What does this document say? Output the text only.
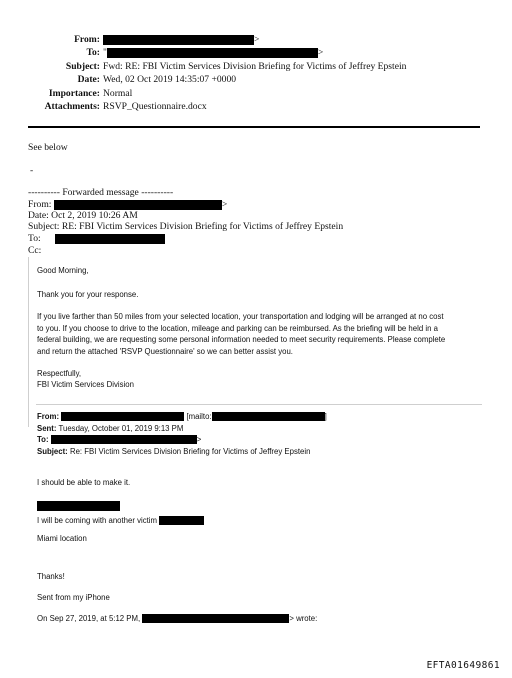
From:	>
To: "	>
Subject: Fwd: RE: FBI Victim Services Division Briefing for Victims of Jeffrey Epstein
Date: Wed, 02 Oct 2019 14:35:07 +0000
Importance: Normal
Attachments: RSVP_Questionnaire.docx
See below
-
---------- Forwarded message ----------
From:	>
Date: Oct 2, 2019 10:26 AM
Subject: RE: FBI Victim Services Division Briefing for Victims of Jeffrey Epstein
To:
Cc:
Good Morning,
Thank you for your response.
If you live farther than 50 miles from your selected location, your transportation and lodging will be arranged at no cost
to you. If you choose to drive to the location, mileage and parking can be reimbursed. As the briefing will be held in a
federal building, we are requesting some personal information needed to meet security requirements. Please complete
and return the attached 'RSVP Questionnaire' so we can better assist you.
Respectfully,
FBI Victim Services Division
From:	[mailto:	]
Sent: Tuesday, October 01, 2019 9:13 PM
To:	>
Subject: Re: FBI Victim Services Division Briefing for Victims of Jeffrey Epstein
I should be able to make it.
I will be coming with another victim
Miami location
Thanks!
Sent from my iPhone
On Sep 27, 2019, at 5:12 PM,	> wrote:
EFTA01649861
